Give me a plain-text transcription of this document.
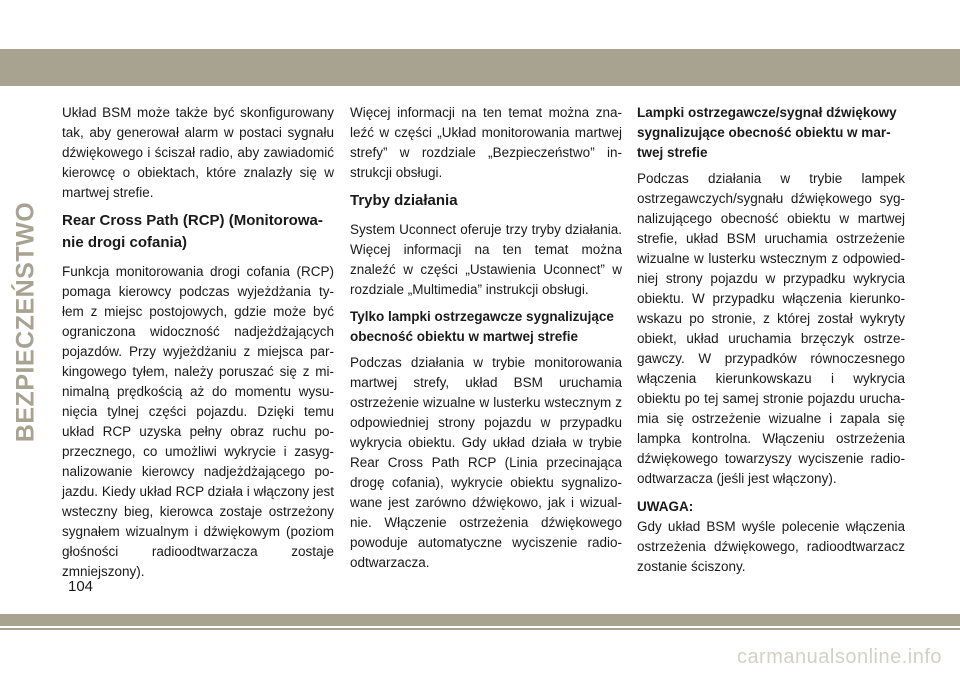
BEZPIECZEŃSTWO

Układ BSM może także być skonfigurowany tak, aby generował alarm w postaci sygnału dźwiękowego i ściszał radio, aby zawiadomić kierowcę o obiektach, które znalazły się w martwej strefie.

Rear Cross Path (RCP) (Monitorowanie drogi cofania)

Funkcja monitorowania drogi cofania (RCP) pomaga kierowcy podczas wyjeżdżania tyłem z miejsc postojowych, gdzie może być ograniczona widoczność nadjeżdżających pojazdów. Przy wyjeżdżaniu z miejsca parkingowego tyłem, należy poruszać się z minimalną prędkością aż do momentu wysunięcia tylnej części pojazdu. Dzięki temu układ RCP uzyska pełny obraz ruchu poprzecznego, co umożliwi wykrycie i zasygnalizowanie kierowcy nadjeżdżającego pojazdu. Kiedy układ RCP działa i włączony jest wsteczny bieg, kierowca zostaje ostrzeżony sygnałem wizualnym i dźwiękowym (poziom głośności radioodtwarzacza zostaje zmniejszony).

Więcej informacji na ten temat można znaleźć w części „Układ monitorowania martwej strefy” w rozdziale „Bezpieczeństwo” instrukcji obsługi.

Tryby działania

System Uconnect oferuje trzy tryby działania. Więcej informacji na ten temat można znaleźć w części „Ustawienia Uconnect” w rozdziale „Multimedia” instrukcji obsługi.

Tylko lampki ostrzegawcze sygnalizujące obecność obiektu w martwej strefie

Podczas działania w trybie monitorowania martwej strefy, układ BSM uruchamia ostrzeżenie wizualne w lusterku wstecznym z odpowiedniej strony pojazdu w przypadku wykrycia obiektu. Gdy układ działa w trybie Rear Cross Path RCP (Linia przecinająca drogę cofania), wykrycie obiektu sygnalizowane jest zarówno dźwiękowo, jak i wizualnie. Włączenie ostrzeżenia dźwiękowego powoduje automatyczne wyciszenie radioodtwarzacza.

Lampki ostrzegawcze/sygnał dźwiękowy sygnalizujące obecność obiektu w martwej strefie

Podczas działania w trybie lampek ostrzegawczych/sygnału dźwiękowego sygnalizującego obecność obiektu w martwej strefie, układ BSM uruchamia ostrzeżenie wizualne w lusterku wstecznym z odpowiedniej strony pojazdu w przypadku wykrycia obiektu. W przypadku włączenia kierunkowskazu po stronie, z której został wykryty obiekt, układ uruchamia brzęczyk ostrzegawczy. W przypadków równoczesnego włączenia kierunkowskazu i wykrycia obiektu po tej samej stronie pojazdu uruchamia się ostrzeżenie wizualne i zapala się lampka kontrolna. Włączeniu ostrzeżenia dźwiękowego towarzyszy wyciszenie radioodtwarzacza (jeśli jest włączony).

UWAGA:

Gdy układ BSM wyśle polecenie włączenia ostrzeżenia dźwiękowego, radioodtwarzacz zostanie ściszony.

104
carmanualsonline.info
